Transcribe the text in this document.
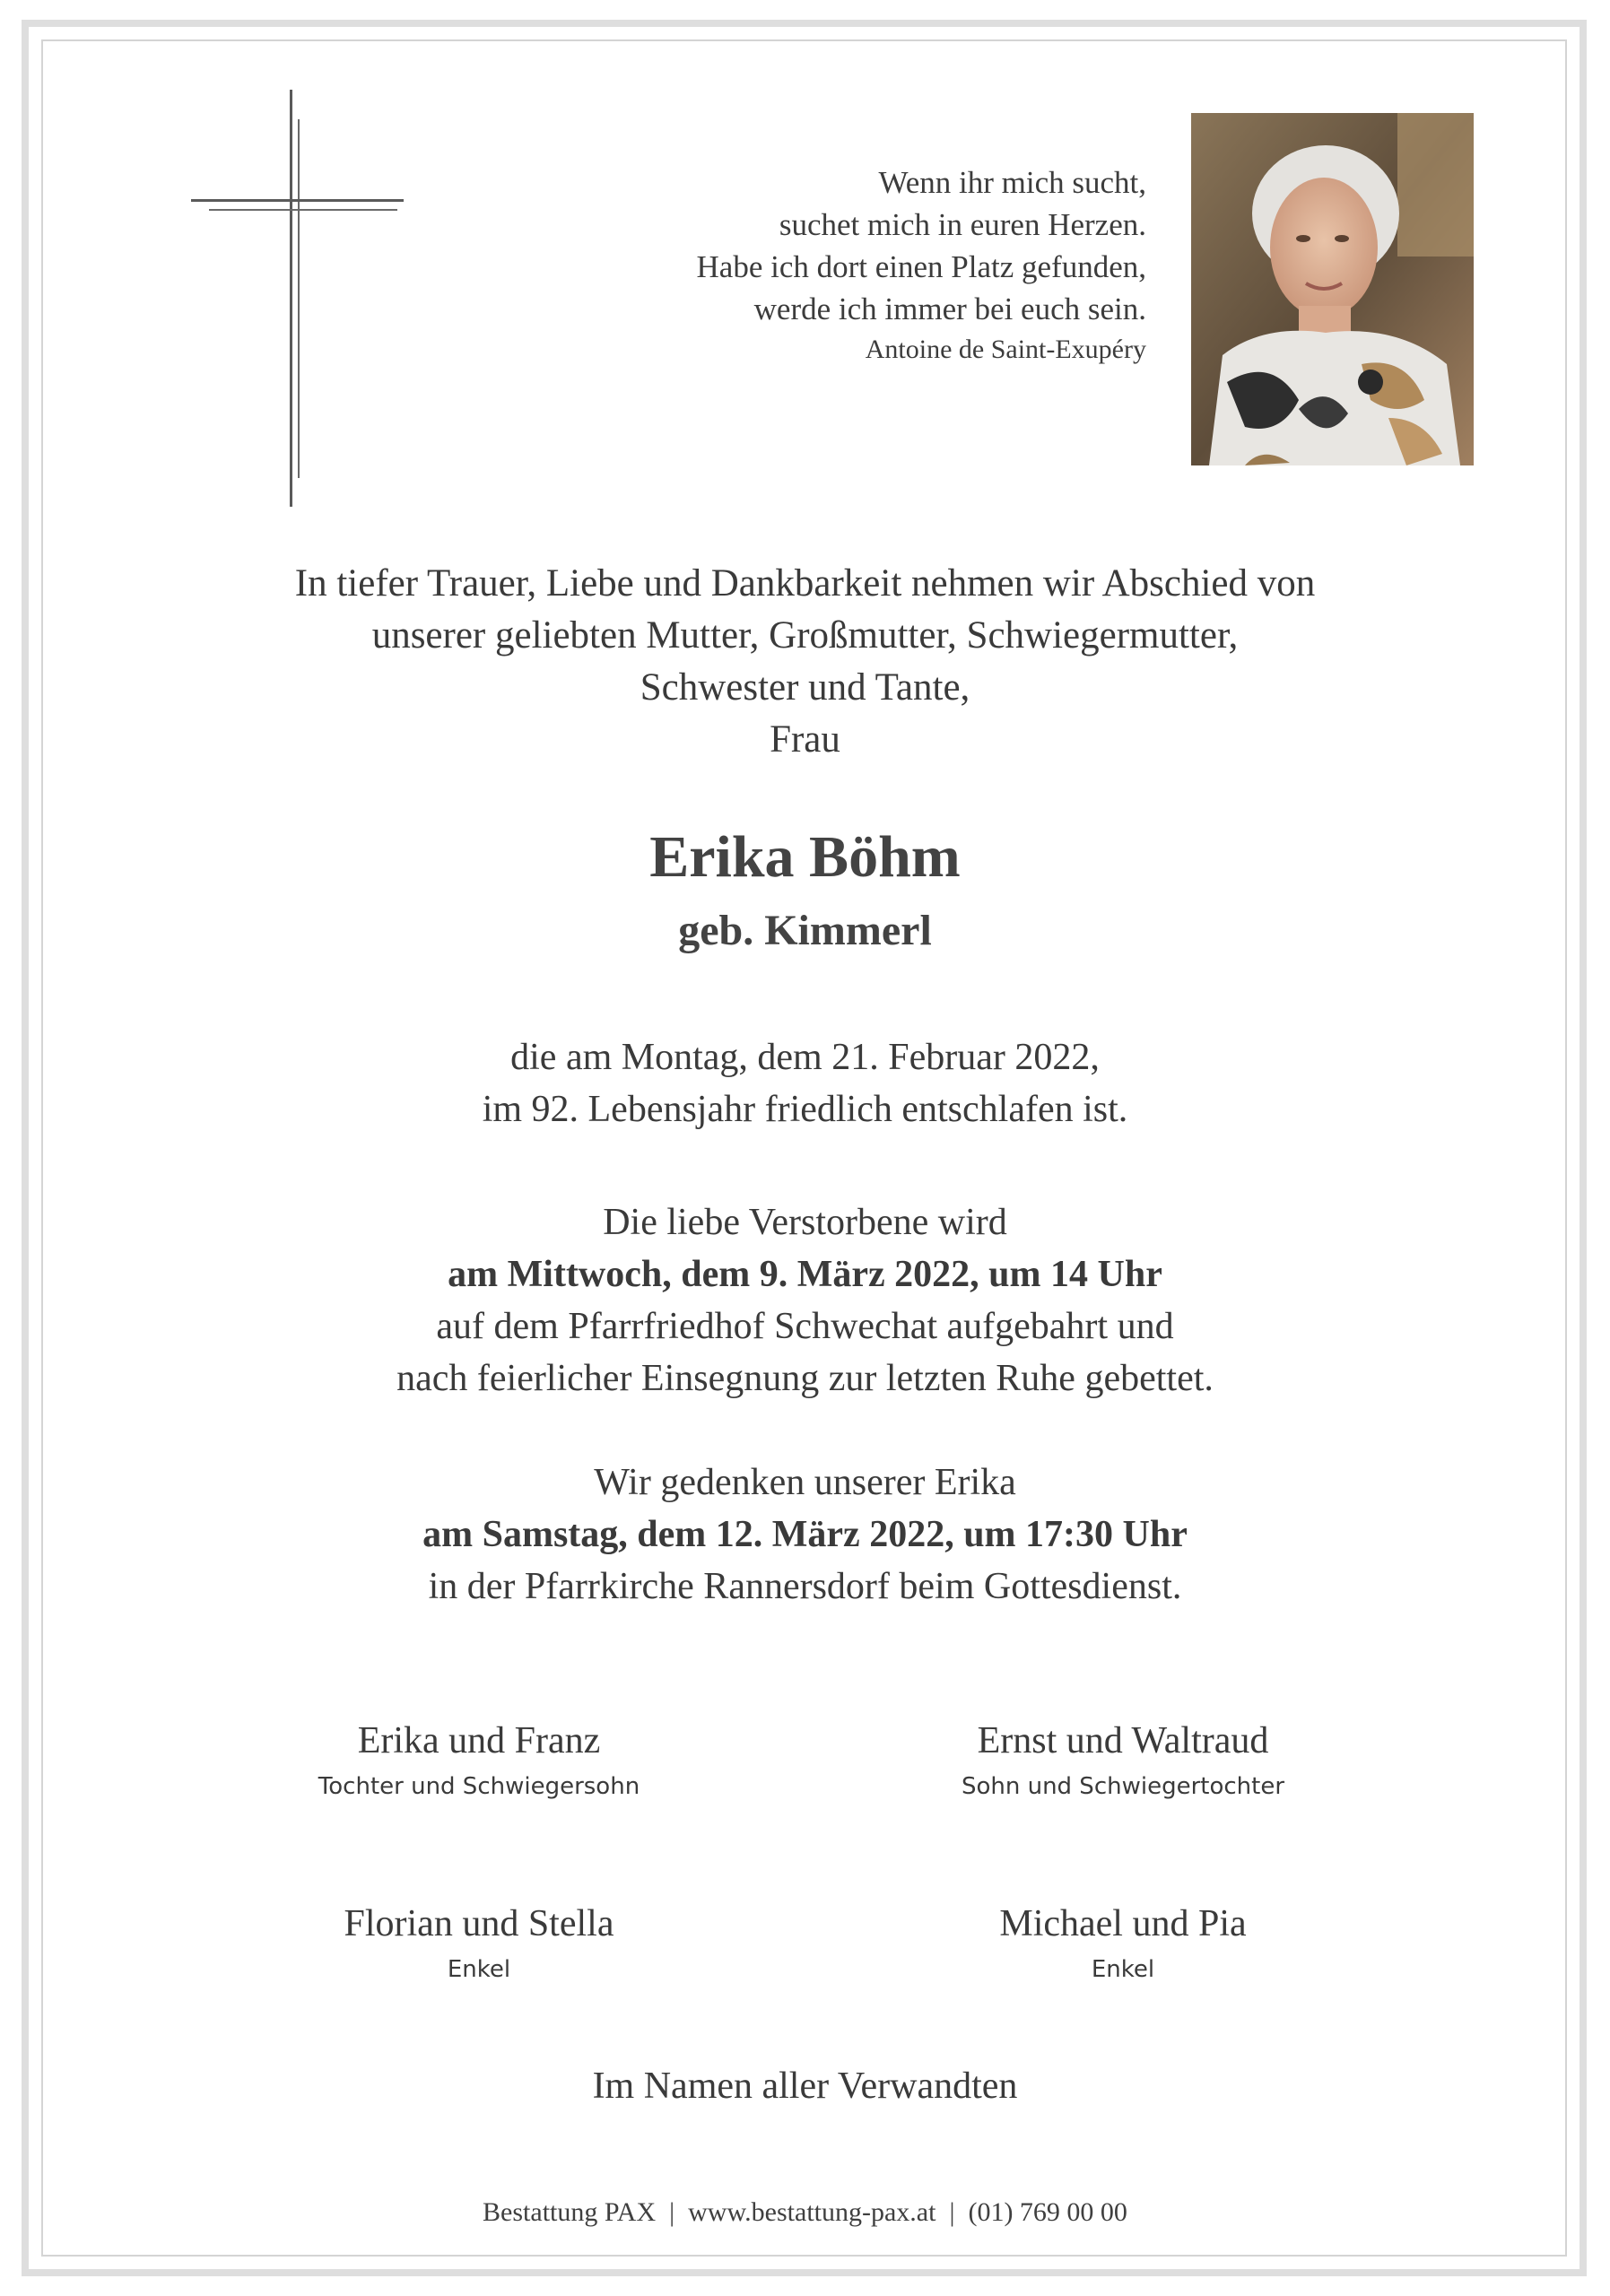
Wenn ihr mich sucht,
suchet mich in euren Herzen.
Habe ich dort einen Platz gefunden,
werde ich immer bei euch sein.
Antoine de Saint-Exupéry
In tiefer Trauer, Liebe und Dankbarkeit nehmen wir Abschied von
unserer geliebten Mutter, Großmutter, Schwiegermutter,
Schwester und Tante,
Frau
Erika Böhm
geb. Kimmerl
die am Montag, dem 21. Februar 2022,
im 92. Lebensjahr friedlich entschlafen ist.
Die liebe Verstorbene wird
am Mittwoch, dem 9. März 2022, um 14 Uhr
auf dem Pfarrfriedhof Schwechat aufgebahrt und
nach feierlicher Einsegnung zur letzten Ruhe gebettet.
Wir gedenken unserer Erika
am Samstag, dem 12. März 2022, um 17:30 Uhr
in der Pfarrkirche Rannersdorf beim Gottesdienst.
Erika und Franz
Tochter und Schwiegersohn
Ernst und Waltraud
Sohn und Schwiegertochter
Florian und Stella
Enkel
Michael und Pia
Enkel
Im Namen aller Verwandten
Bestattung PAX  |  www.bestattung-pax.at  |  (01) 769 00 00
